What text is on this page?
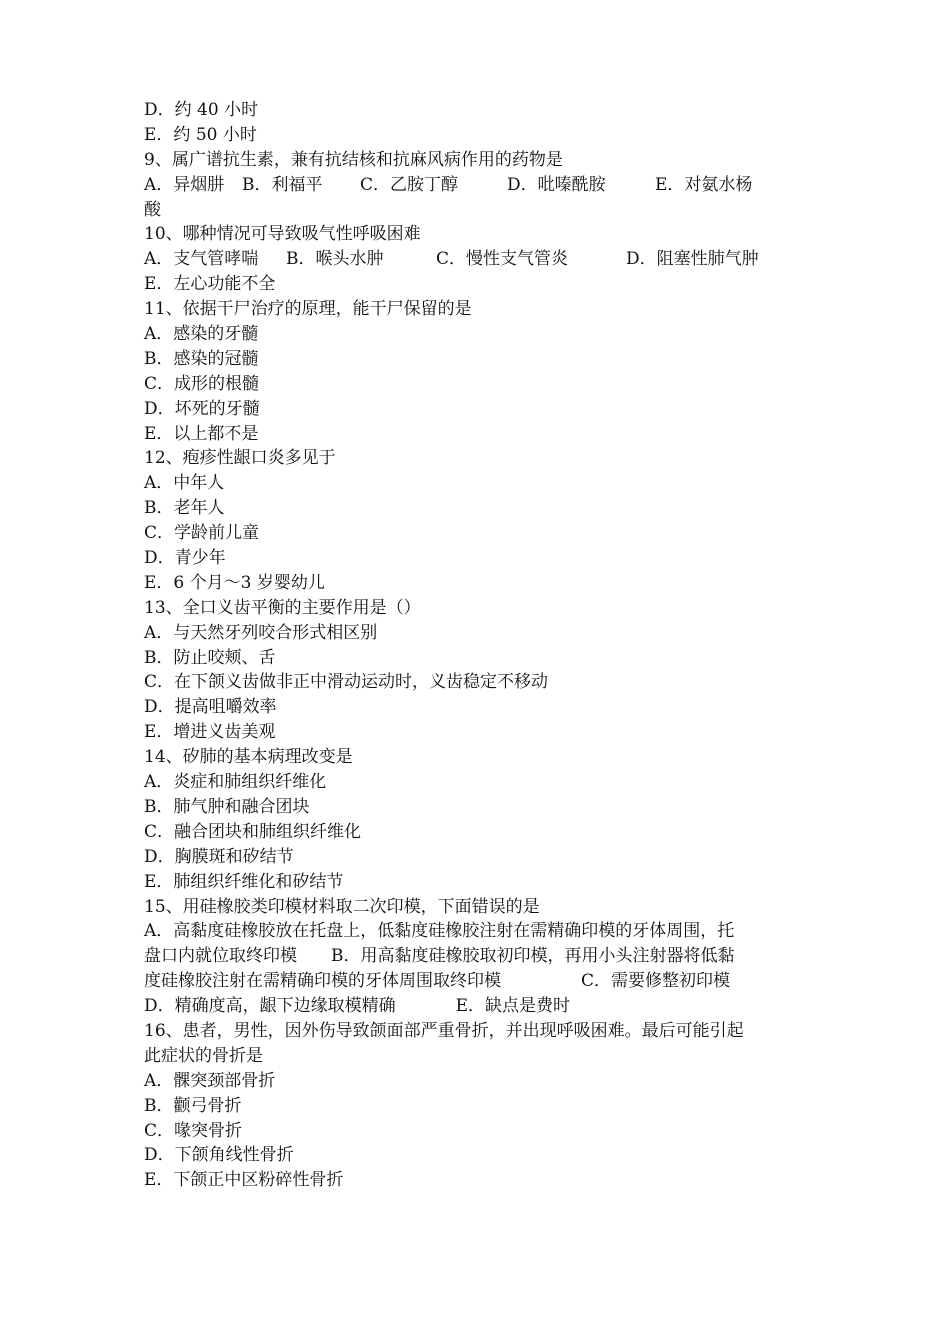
D．约 40 小时
E．约 50 小时
9、属广谱抗生素，兼有抗结核和抗麻风病作用的药物是
A．异烟肼	B．利福平	C．乙胺丁醇	D．吡嗪酰胺	E．对氨水杨
酸
10、哪种情况可导致吸气性呼吸困难
A．支气管哮喘	B．喉头水肿	C．慢性支气管炎	D．阻塞性肺气肿
E．左心功能不全
11、依据干尸治疗的原理，能干尸保留的是
A．感染的牙髓
B．感染的冠髓
C．成形的根髓
D．坏死的牙髓
E．以上都不是
12、疱疹性龈口炎多见于
A．中年人
B．老年人
C．学龄前儿童
D．青少年
E．6 个月～3 岁婴幼儿
13、全口义齿平衡的主要作用是（）
A．与天然牙列咬合形式相区别
B．防止咬颊、舌
C．在下颌义齿做非正中滑动运动时，义齿稳定不移动
D．提高咀嚼效率
E．增进义齿美观
14、矽肺的基本病理改变是
A．炎症和肺组织纤维化
B．肺气肿和融合团块
C．融合团块和肺组织纤维化
D．胸膜斑和矽结节
E．肺组织纤维化和矽结节
15、用硅橡胶类印模材料取二次印模，下面错误的是
A．高黏度硅橡胶放在托盘上，低黏度硅橡胶注射在需精确印模的牙体周围，托
盘口内就位取终印模 B．用高黏度硅橡胶取初印模，再用小头注射器将低黏
度硅橡胶注射在需精确印模的牙体周围取终印模	C．需要修整初印模
D．精确度高，龈下边缘取模精确	E．缺点是费时
16、患者，男性，因外伤导致颌面部严重骨折，并出现呼吸困难。最后可能引起
此症状的骨折是
A．髁突颈部骨折
B．颧弓骨折
C．喙突骨折
D．下颌角线性骨折
E．下颌正中区粉碎性骨折
